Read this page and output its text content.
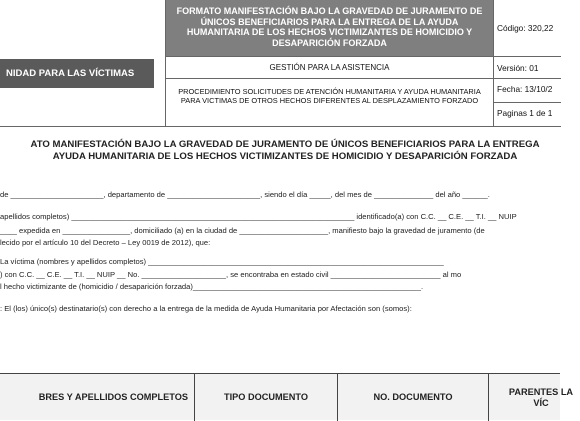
NIDAD PARA LAS VÍCTIMAS
FORMATO MANIFESTACIÓN BAJO LA GRAVEDAD DE JURAMENTO DE ÚNICOS BENEFICIARIOS PARA LA ENTREGA DE LA AYUDA HUMANITARIA DE LOS HECHOS VICTIMIZANTES DE HOMICIDIO Y DESAPARICIÓN FORZADA
GESTIÓN PARA LA ASISTENCIA
PROCEDIMIENTO SOLICITUDES DE ATENCIÓN HUMANITARIA Y AYUDA HUMANITARIA PARA VICTIMAS DE OTROS HECHOS DIFERENTES AL DESPLAZAMIENTO FORZADO
Código: 320,22
Versión: 01
Fecha: 13/10/2
Paginas 1 de 1
ATO MANIFESTACIÓN BAJO LA GRAVEDAD DE JURAMENTO DE ÚNICOS BENEFICIARIOS PARA LA ENTREGA
AYUDA HUMANITARIA DE LOS HECHOS VICTIMIZANTES DE HOMICIDIO Y DESAPARICIÓN FORZADA
de ______________________, departamento de ______________________, siendo el día _____, del mes de ______________ del año ______.
apellidos completos) ___________________________________________________________________ identificado(a) con C.C. __ C.E. __ T.I. __ NUIP
____ expedida en ________________, domiciliado (a) en la ciudad de _____________________, manifiesto bajo la gravedad de juramento (de
lecido por el artículo 10 del Decreto – Ley 0019 de 2012), que:
La víctima (nombres y apellidos completos) ______________________________________________________________________
) con C.C. __ C.E. __ T.I. __ NUIP __ No. ____________________, se encontraba en estado civil __________________________ al mo
l hecho victimizante de (homicidio / desaparición forzada)______________________________________________________.
: El (los) único(s) destinatario(s) con derecho a la entrega de la medida de Ayuda Humanitaria por Afectación son (somos):
BRES Y APELLIDOS COMPLETOS	TIPO DOCUMENTO	NO. DOCUMENTO
PARENTES LA VÍC
